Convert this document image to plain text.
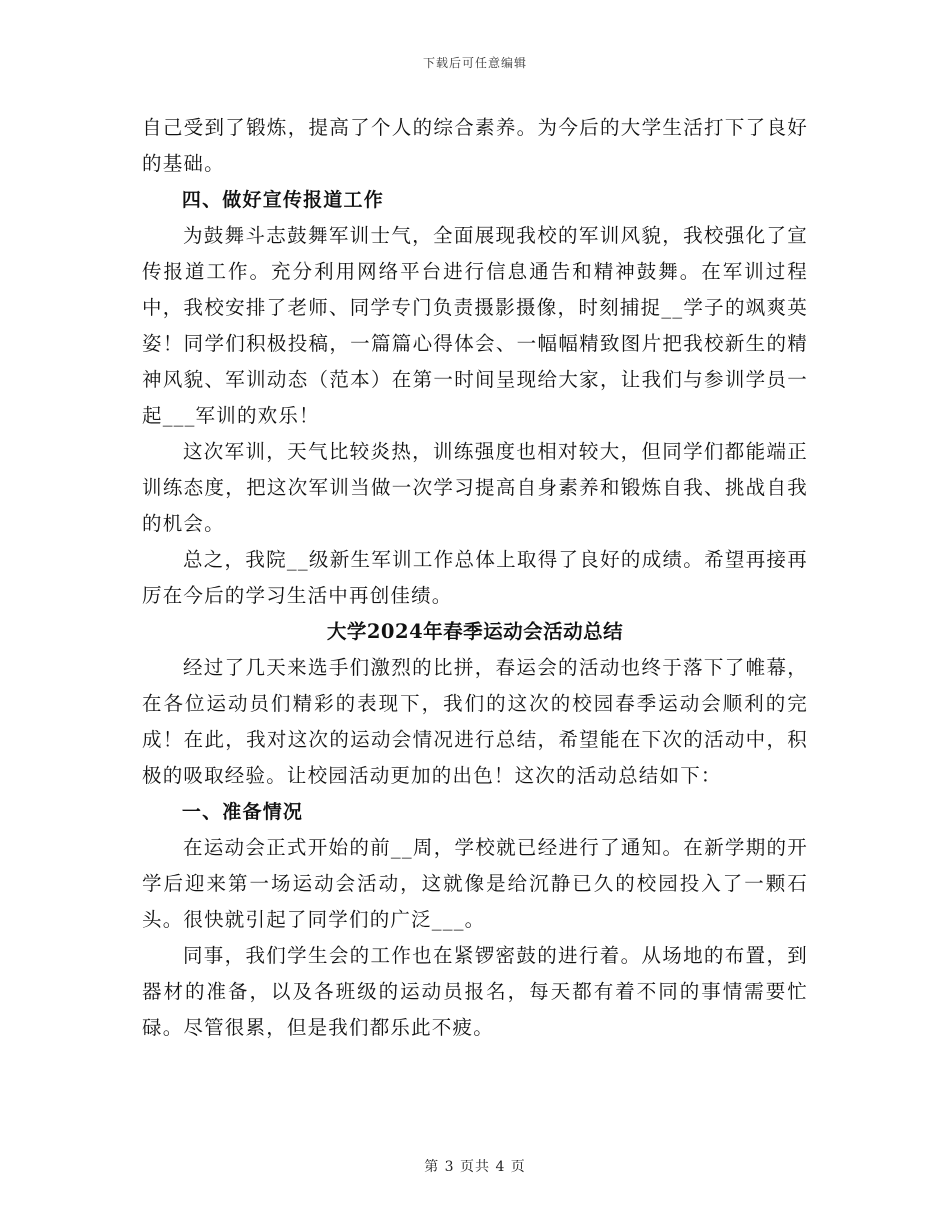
下载后可任意编辑

自己受到了锻炼，提高了个人的综合素养。为今后的大学生活打下了良好的基础。

四、做好宣传报道工作

为鼓舞斗志鼓舞军训士气，全面展现我校的军训风貌，我校强化了宣传报道工作。充分利用网络平台进行信息通告和精神鼓舞。在军训过程中，我校安排了老师、同学专门负责摄影摄像，时刻捕捉__学子的飒爽英姿！同学们积极投稿，一篇篇心得体会、一幅幅精致图片把我校新生的精神风貌、军训动态（范本）在第一时间呈现给大家，让我们与参训学员一起___军训的欢乐！

这次军训，天气比较炎热，训练强度也相对较大，但同学们都能端正训练态度，把这次军训当做一次学习提高自身素养和锻炼自我、挑战自我的机会。

总之，我院__级新生军训工作总体上取得了良好的成绩。希望再接再厉在今后的学习生活中再创佳绩。

大学2024年春季运动会活动总结

经过了几天来选手们激烈的比拼，春运会的活动也终于落下了帷幕，在各位运动员们精彩的表现下，我们的这次的校园春季运动会顺利的完成！在此，我对这次的运动会情况进行总结，希望能在下次的活动中，积极的吸取经验。让校园活动更加的出色！这次的活动总结如下：

一、准备情况

在运动会正式开始的前__周，学校就已经进行了通知。在新学期的开学后迎来第一场运动会活动，这就像是给沉静已久的校园投入了一颗石头。很快就引起了同学们的广泛___。

同事，我们学生会的工作也在紧锣密鼓的进行着。从场地的布置，到器材的准备，以及各班级的运动员报名，每天都有着不同的事情需要忙碌。尽管很累，但是我们都乐此不疲。

第 3 页共 4 页
